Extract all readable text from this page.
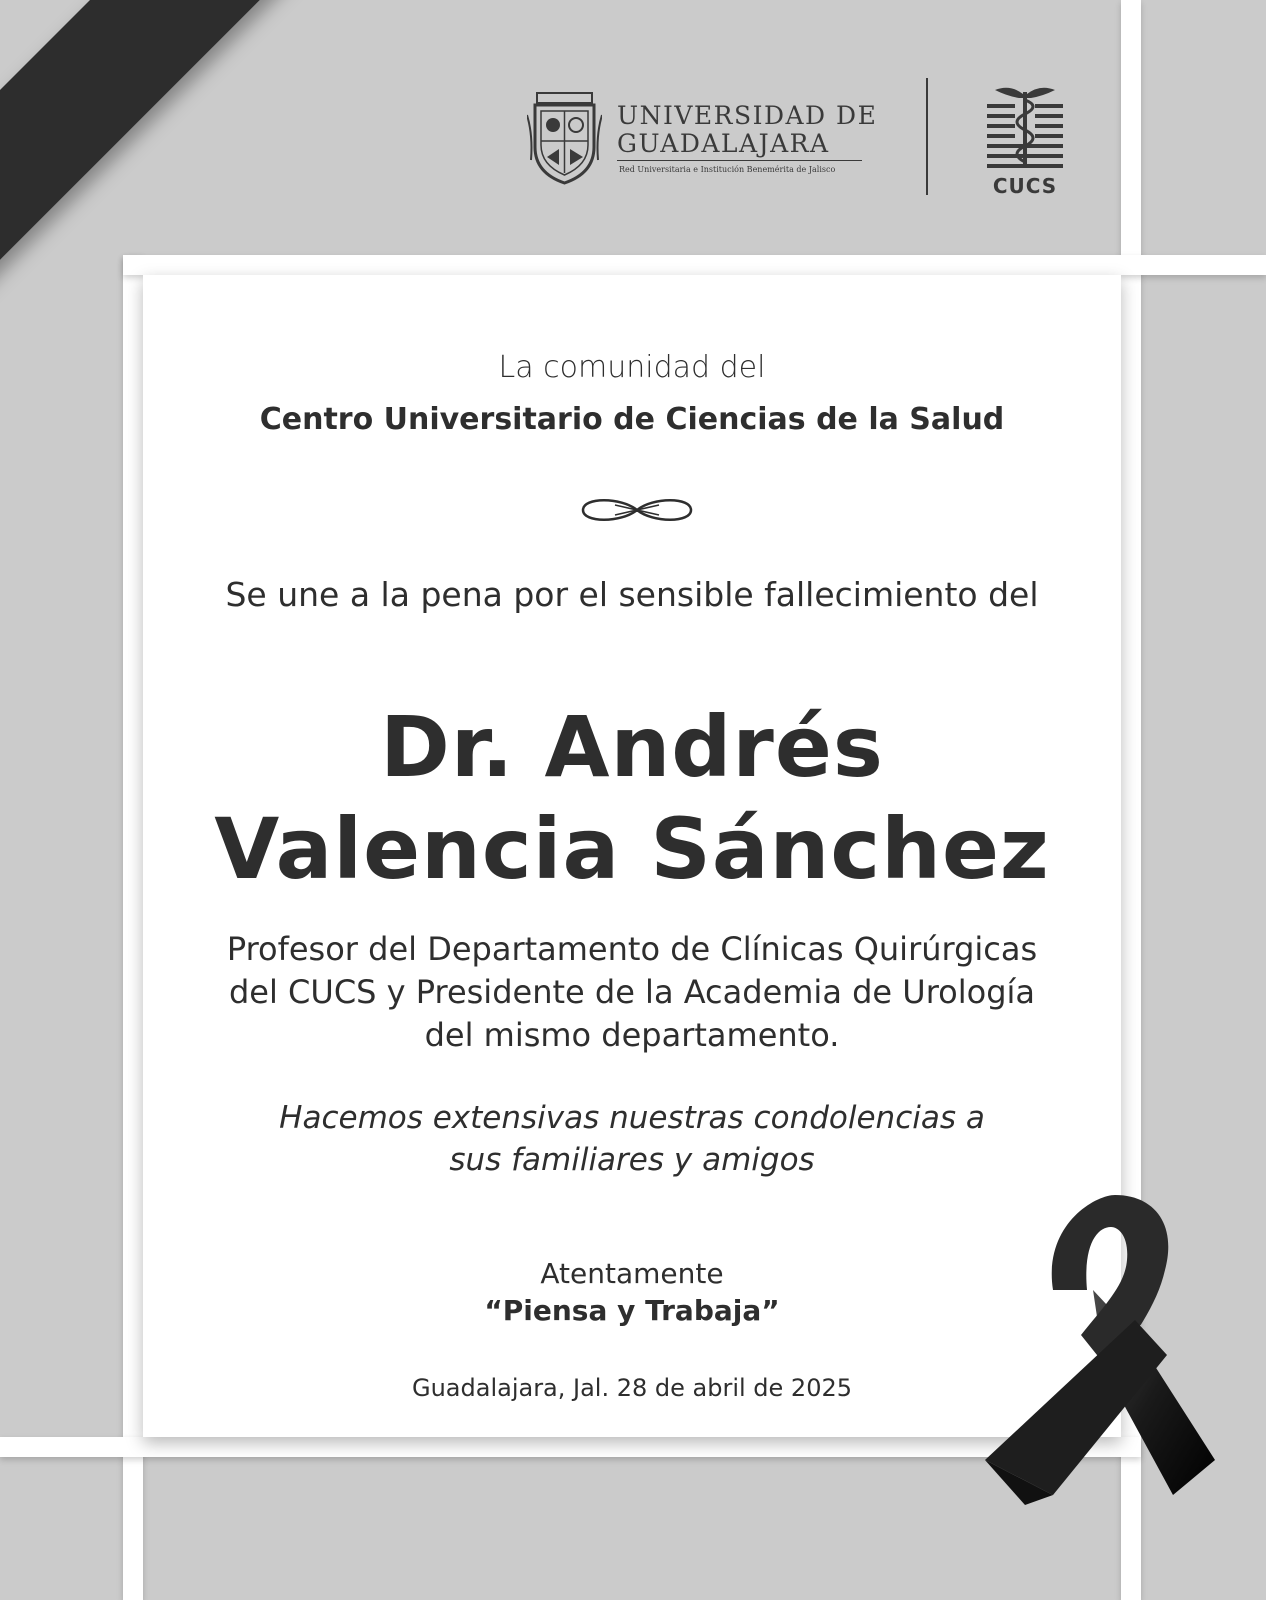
UNIVERSIDAD DE
GUADALAJARA
Red Universitaria e Institución Benemérita de Jalisco
CUCS
La comunidad del
Centro Universitario de Ciencias de la Salud
Se une a la pena por el sensible fallecimiento del
Dr. Andrés
Valencia Sánchez
Profesor del Departamento de Clínicas Quirúrgicas del CUCS y Presidente de la Academia de Urología del mismo departamento.
Hacemos extensivas nuestras condolencias a sus familiares y amigos
Atentamente
“Piensa y Trabaja”
Guadalajara, Jal. 28 de abril de 2025
